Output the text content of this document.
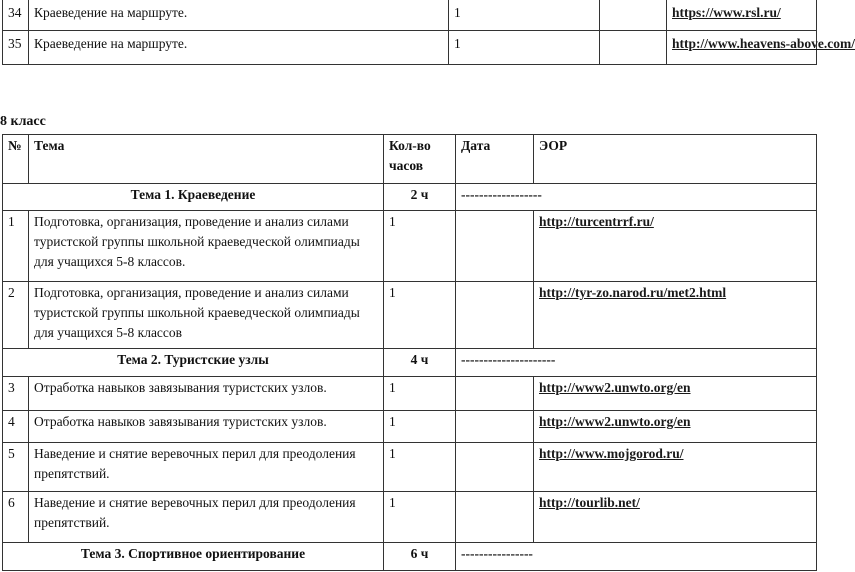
34	Краеведение на маршруте.	1		https://www.rsl.ru/
35	Краеведение на маршруте.	1		http://www.heavens-above.com/
8 класс
№	Тема	Кол-во часов	Дата	ЭОР
Тема 1. Краеведение		2 ч	------------------	
1	Подготовка, организация, проведение и анализ силами туристской группы школьной краеведческой олимпиады для учащихся 5-8 классов.	1		http://turcentrrf.ru/
2	Подготовка, организация, проведение и анализ силами туристской группы школьной краеведческой олимпиады для учащихся 5-8 классов	1		http://tyr-zo.narod.ru/met2.html
Тема 2. Туристские узлы		4 ч	---------------------	
3	Отработка навыков завязывания туристских узлов.	1		http://www2.unwto.org/en
4	Отработка навыков завязывания туристских узлов.	1		http://www2.unwto.org/en
5	Наведение и снятие веревочных перил для преодоления препятствий.	1		http://www.mojgorod.ru/
6	Наведение и снятие веревочных перил для преодоления препятствий.	1		http://tourlib.net/
Тема 3. Спортивное ориентирование		6 ч	----------------	
